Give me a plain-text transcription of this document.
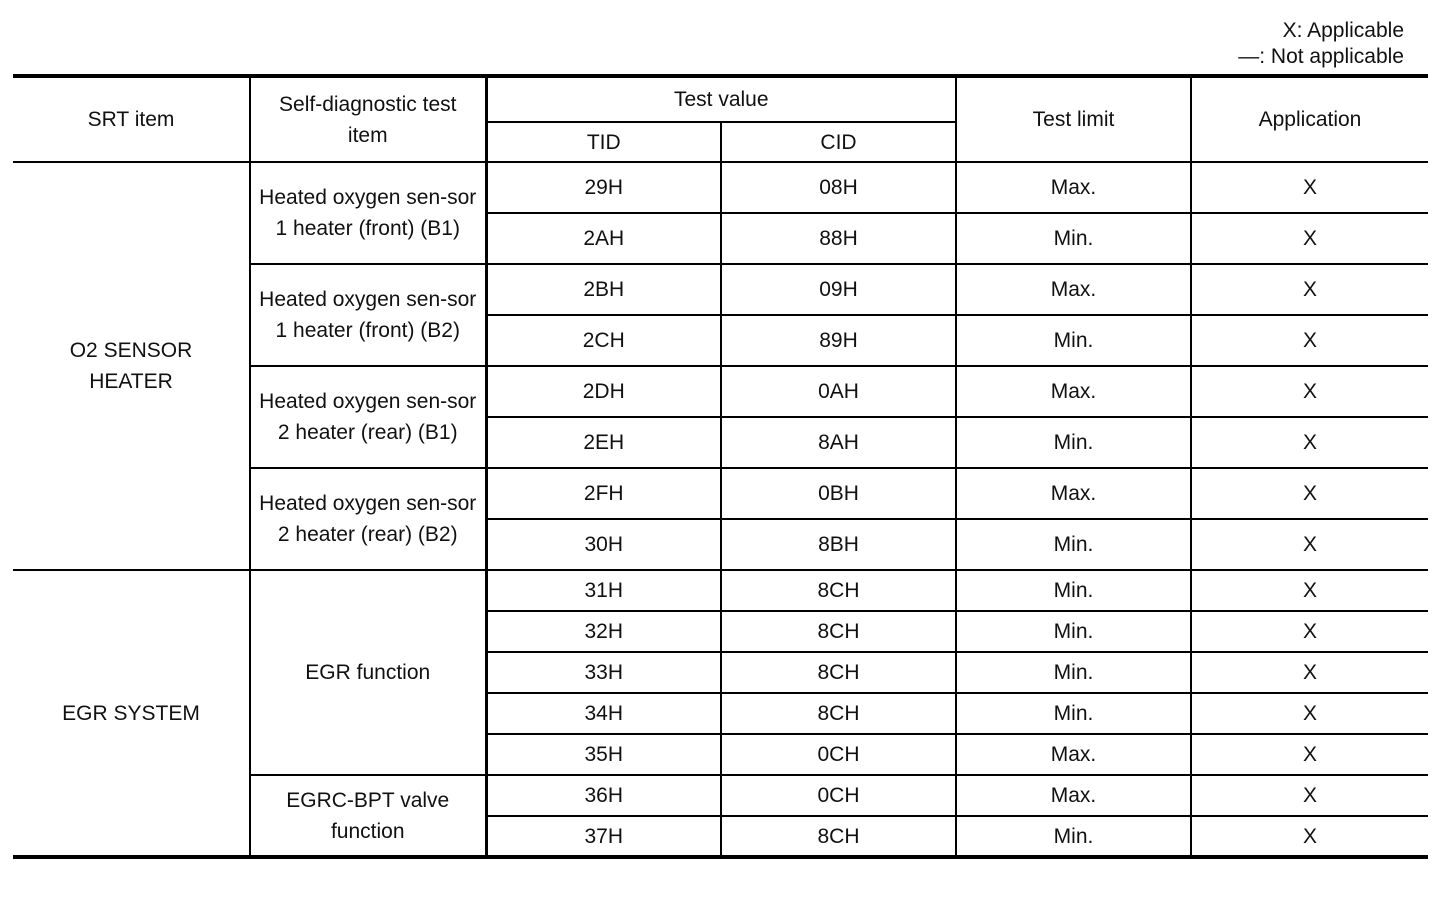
X: Applicable
—: Not applicable
SRT item	Self-diagnostic test item	Test value		Test limit	Application
		TID	CID		
O2 SENSOR HEATER	Heated oxygen sen-sor 1 heater (front) (B1)	29H	08H	Max.	X
		2AH	88H	Min.	X
	Heated oxygen sen-sor 1 heater (front) (B2)	2BH	09H	Max.	X
		2CH	89H	Min.	X
	Heated oxygen sen-sor 2 heater (rear) (B1)	2DH	0AH	Max.	X
		2EH	8AH	Min.	X
	Heated oxygen sen-sor 2 heater (rear) (B2)	2FH	0BH	Max.	X
		30H	8BH	Min.	X
EGR SYSTEM	EGR function	31H	8CH	Min.	X
		32H	8CH	Min.	X
		33H	8CH	Min.	X
		34H	8CH	Min.	X
		35H	0CH	Max.	X
	EGRC-BPT valve function	36H	0CH	Max.	X
		37H	8CH	Min.	X
